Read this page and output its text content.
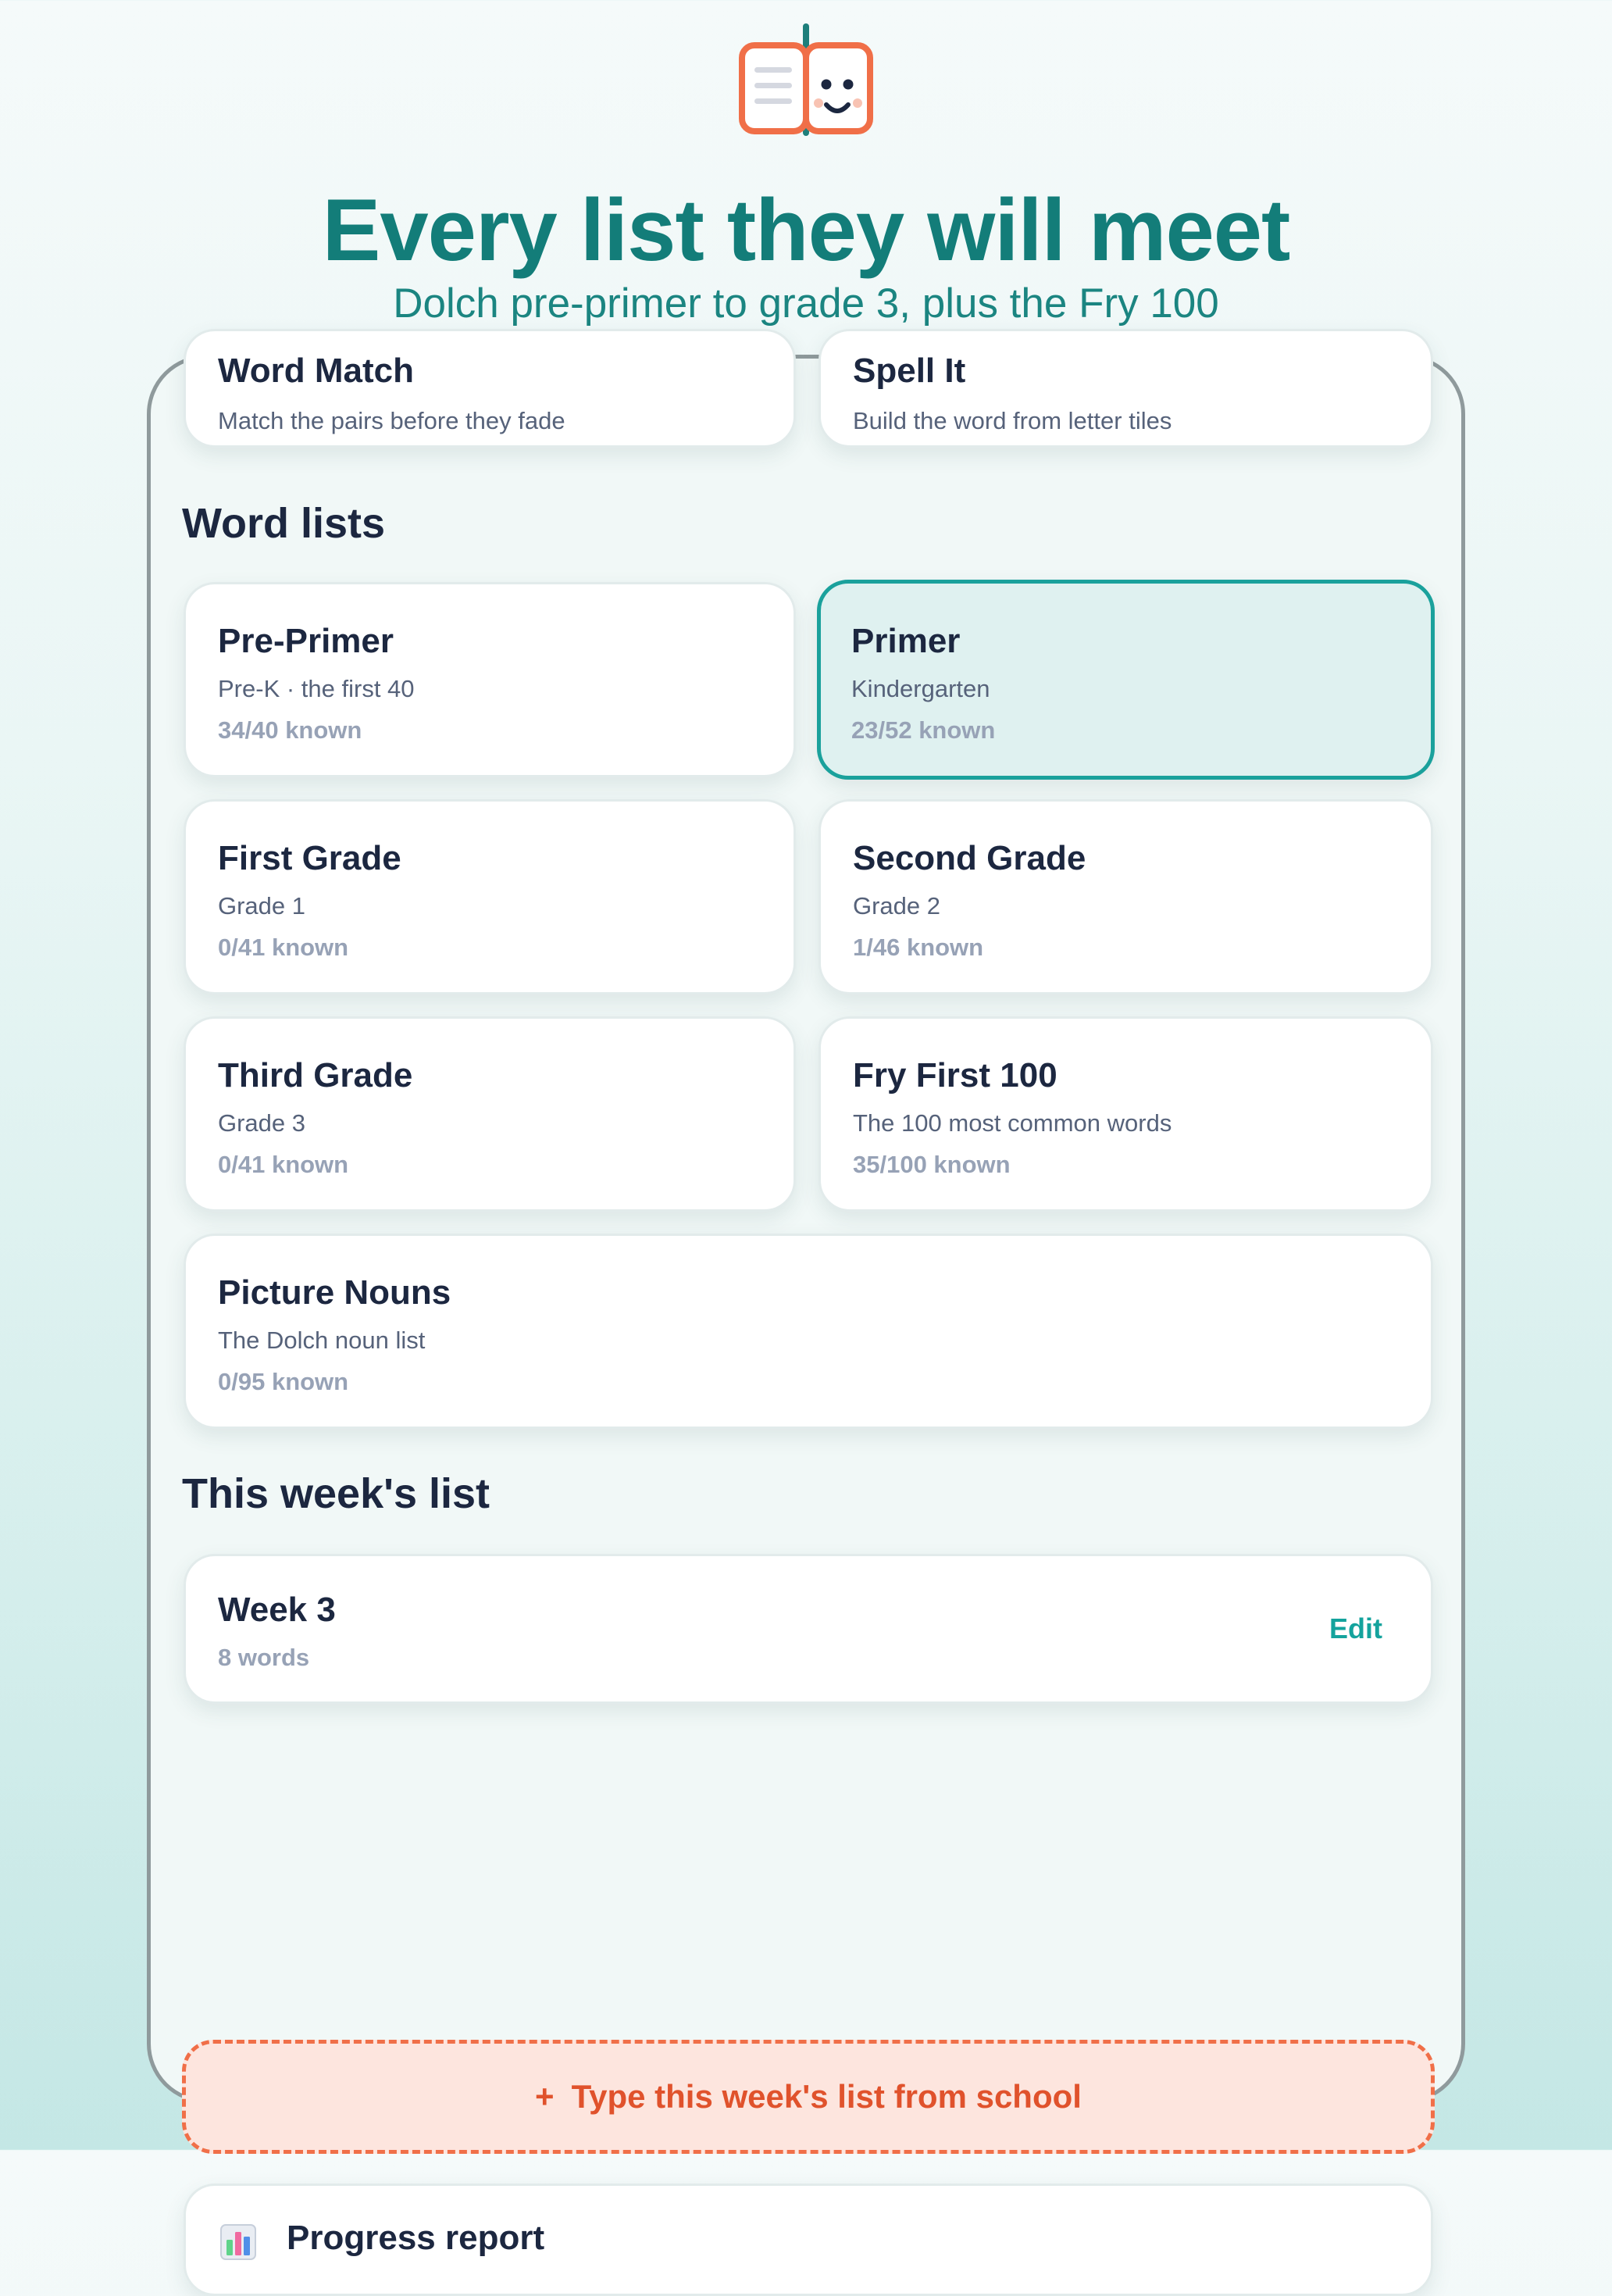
Every list they will meet
Dolch pre-primer to grade 3, plus the Fry 100
Word Match
Match the pairs before they fade
Spell It
Build the word from letter tiles
Word lists
Pre-Primer
Pre-K · the first 40
34/40 known
Primer
Kindergarten
23/52 known
First Grade
Grade 1
0/41 known
Second Grade
Grade 2
1/46 known
Third Grade
Grade 3
0/41 known
Fry First 100
The 100 most common words
35/100 known
Picture Nouns
The Dolch noun list
0/95 known
This week's list
Week 3
8 words
Edit
+ Type this week's list from school
Progress report
